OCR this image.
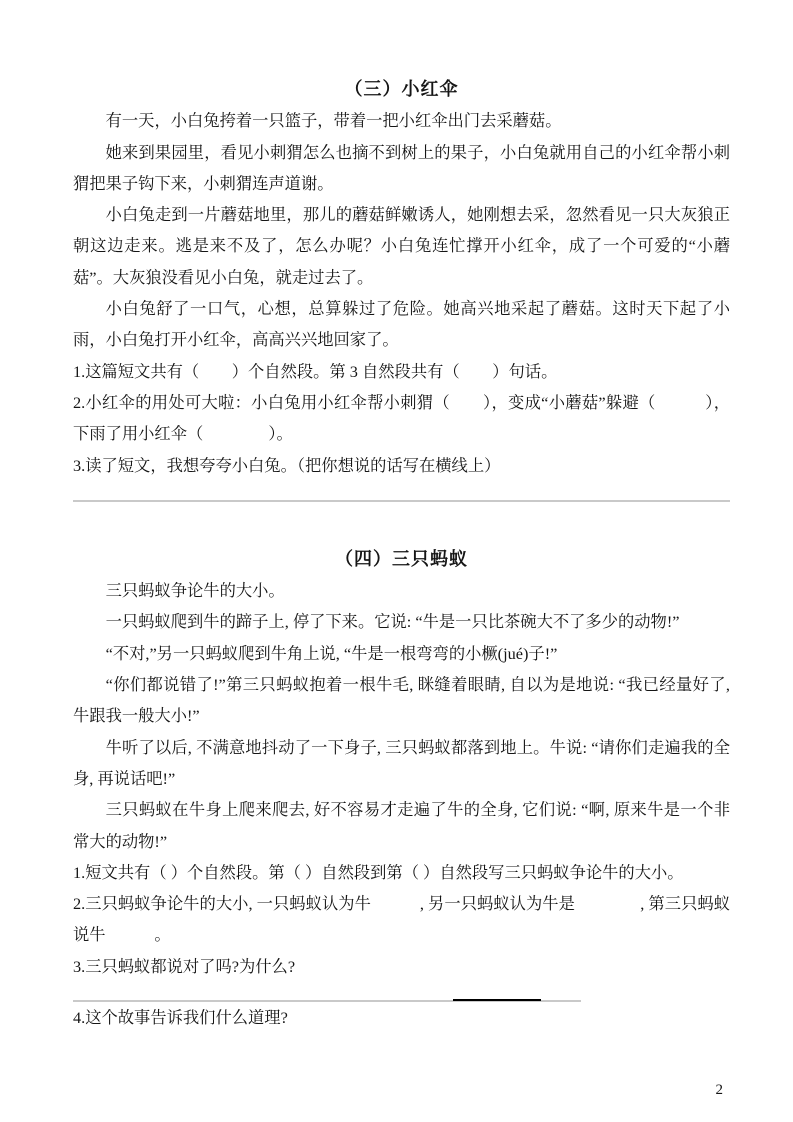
（三）小红伞

有一天，小白兔挎着一只篮子，带着一把小红伞出门去采蘑菇。

她来到果园里，看见小刺猬怎么也摘不到树上的果子，小白兔就用自己的小红伞帮小刺猬把果子钩下来，小刺猬连声道谢。

小白兔走到一片蘑菇地里，那儿的蘑菇鲜嫩诱人，她刚想去采，忽然看见一只大灰狼正朝这边走来。逃是来不及了，怎么办呢？小白兔连忙撑开小红伞，成了一个可爱的“小蘑菇”。大灰狼没看见小白兔，就走过去了。

小白兔舒了一口气，心想，总算躲过了危险。她高兴地采起了蘑菇。这时天下起了小雨，小白兔打开小红伞，高高兴兴地回家了。

1.这篇短文共有（　　）个自然段。第 3 自然段共有（　　）句话。

2.小红伞的用处可大啦：小白兔用小红伞帮小刺猬（　　），变成“小蘑菇”躲避（　　　），下雨了用小红伞（　　　　）。

3.读了短文，我想夸夸小白兔。（把你想说的话写在横线上）

（四）三只蚂蚁

三只蚂蚁争论牛的大小。

一只蚂蚁爬到牛的蹄子上, 停了下来。它说: “牛是一只比茶碗大不了多少的动物!”

“不对,”另一只蚂蚁爬到牛角上说, “牛是一根弯弯的小橛(jué)子!”

“你们都说错了!”第三只蚂蚁抱着一根牛毛, 眯缝着眼睛, 自以为是地说: “我已经量好了, 牛跟我一般大小!”

牛听了以后, 不满意地抖动了一下身子, 三只蚂蚁都落到地上。牛说: “请你们走遍我的全身, 再说话吧!”

三只蚂蚁在牛身上爬来爬去, 好不容易才走遍了牛的全身, 它们说: “啊, 原来牛是一个非常大的动物!”

1.短文共有（ ）个自然段。第（ ）自然段到第（ ）自然段写三只蚂蚁争论牛的大小。

2.三只蚂蚁争论牛的大小, 一只蚂蚁认为牛　　　, 另一只蚂蚁认为牛是　　　　, 第三只蚂蚁说牛　　　。

3.三只蚂蚁都说对了吗?为什么?

4.这个故事告诉我们什么道理?

2
